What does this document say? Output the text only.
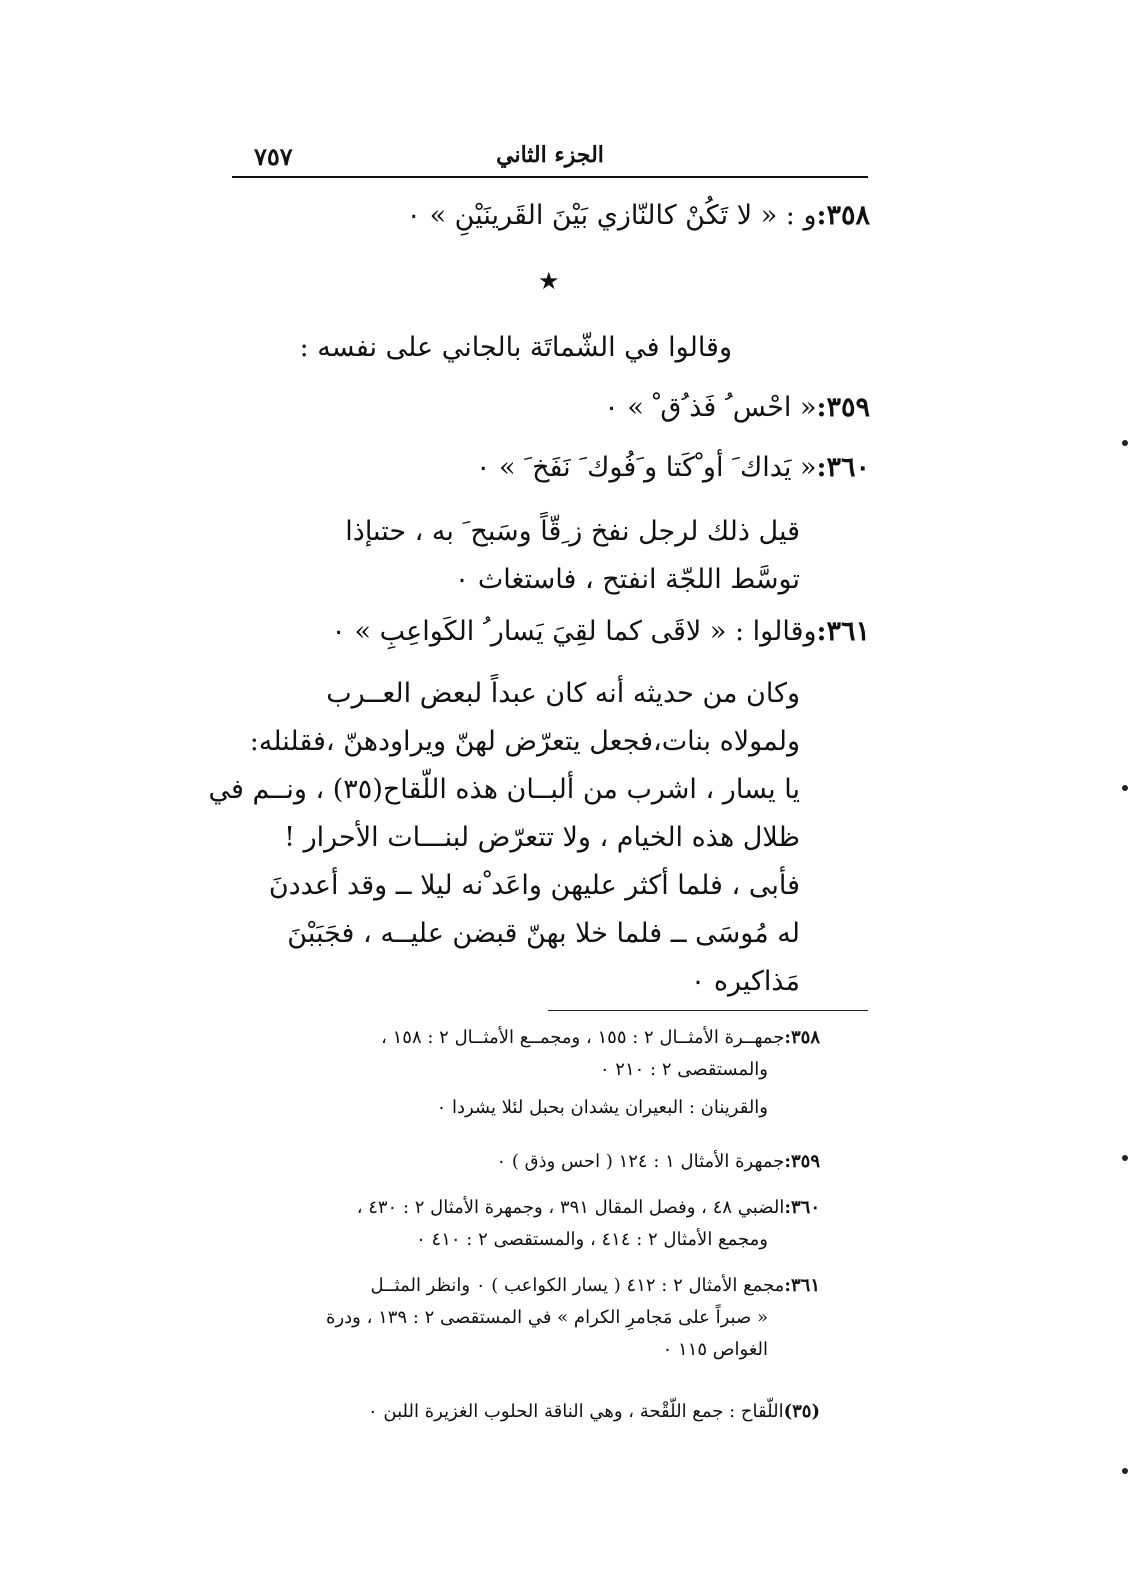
٧٥٧	الجزء الثاني
٣٥٨:و : « لا تَكُنْ كالنّازي بَيْنَ القَرينَيْنِ » ٠
★
وقالوا في الشّماتَة بالجاني على نفسه :
٣٥٩:« احْس ُ فَذ ُق ْ » ٠
٣٦٠:« يَداك َ أو ْكَتا و َفُوك َ نَفَخ َ » ٠
قيل ذلك لرجل نفخ ز ِقّاً وسَبح َ به ، حتىإذا
توسَّط اللجّة انفتح ، فاستغاث ٠
٣٦١:وقالوا : « لاقَى كما لقِيَ يَسار ُ الكَواعِبِ » ٠
وكان من حديثه أنه كان عبداً لبعض العــرب
ولمولاه بنات،فجعل يتعرّض لهنّ ويراودهنّ ،فقلنله:
يا يسار ، اشرب من ألبــان هذه اللّقاح(٣٥) ، ونــم في
ظلال هذه الخيام ، ولا تتعرّض لبنـــات الأحرار !
فأبى ، فلما أكثر عليهن واعَد ْنه ليلا ــ وقد أعددنَ
له مُوسَى ــ فلما خلا بهنّ قبضن عليــه ، فجَبَبْنَ
مَذاكيره ٠
٣٥٨:جمهــرة الأمثــال ٢ : ١٥٥ ، ومجمــع الأمثــال ٢ : ١٥٨ ،
والمستقصى ٢ : ٢١٠ ٠
والقرينان : البعيران يشدان بحبل لئلا يشردا ٠
٣٥٩:جمهرة الأمثال ١ : ١٢٤ ( احس وذق ) ٠
٣٦٠:الضبي ٤٨ ، وفصل المقال ٣٩١ ، وجمهرة الأمثال ٢ : ٤٣٠ ،
ومجمع الأمثال ٢ : ٤١٤ ، والمستقصى ٢ : ٤١٠ ٠
٣٦١:مجمع الأمثال ٢ : ٤١٢ ( يسار الكواعب ) ٠ وانظر المثــل
« صبراً على مَجامرِ الكرام » في المستقصى ٢ : ١٣٩ ، ودرة
الغواص ١١٥ ٠
(٣٥)اللّقاح : جمع اللّقْحة ، وهي الناقة الحلوب الغزيرة اللبن ٠
